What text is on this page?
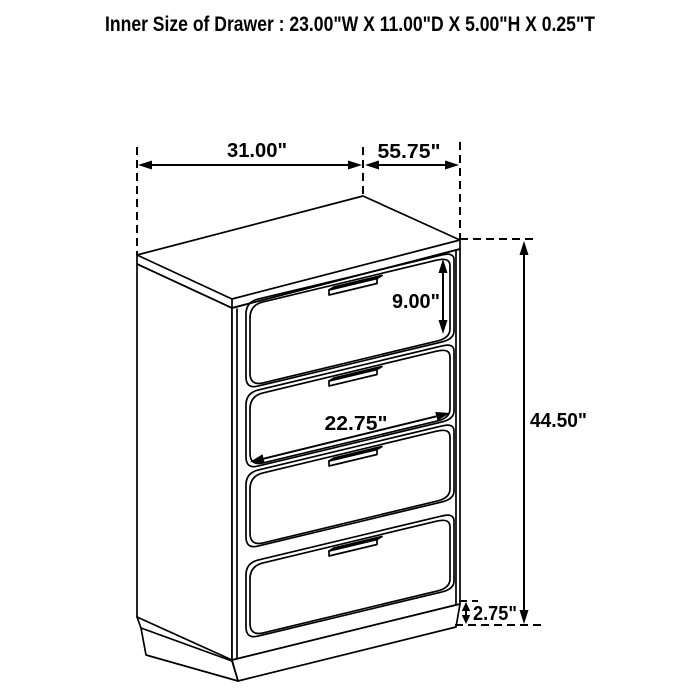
Inner Size of Drawer : 23.00"W X 11.00"D X 5.00"H X 0.25"T
31.00"	55.75"
9.00"
22.75"	44.50"
2.75"
